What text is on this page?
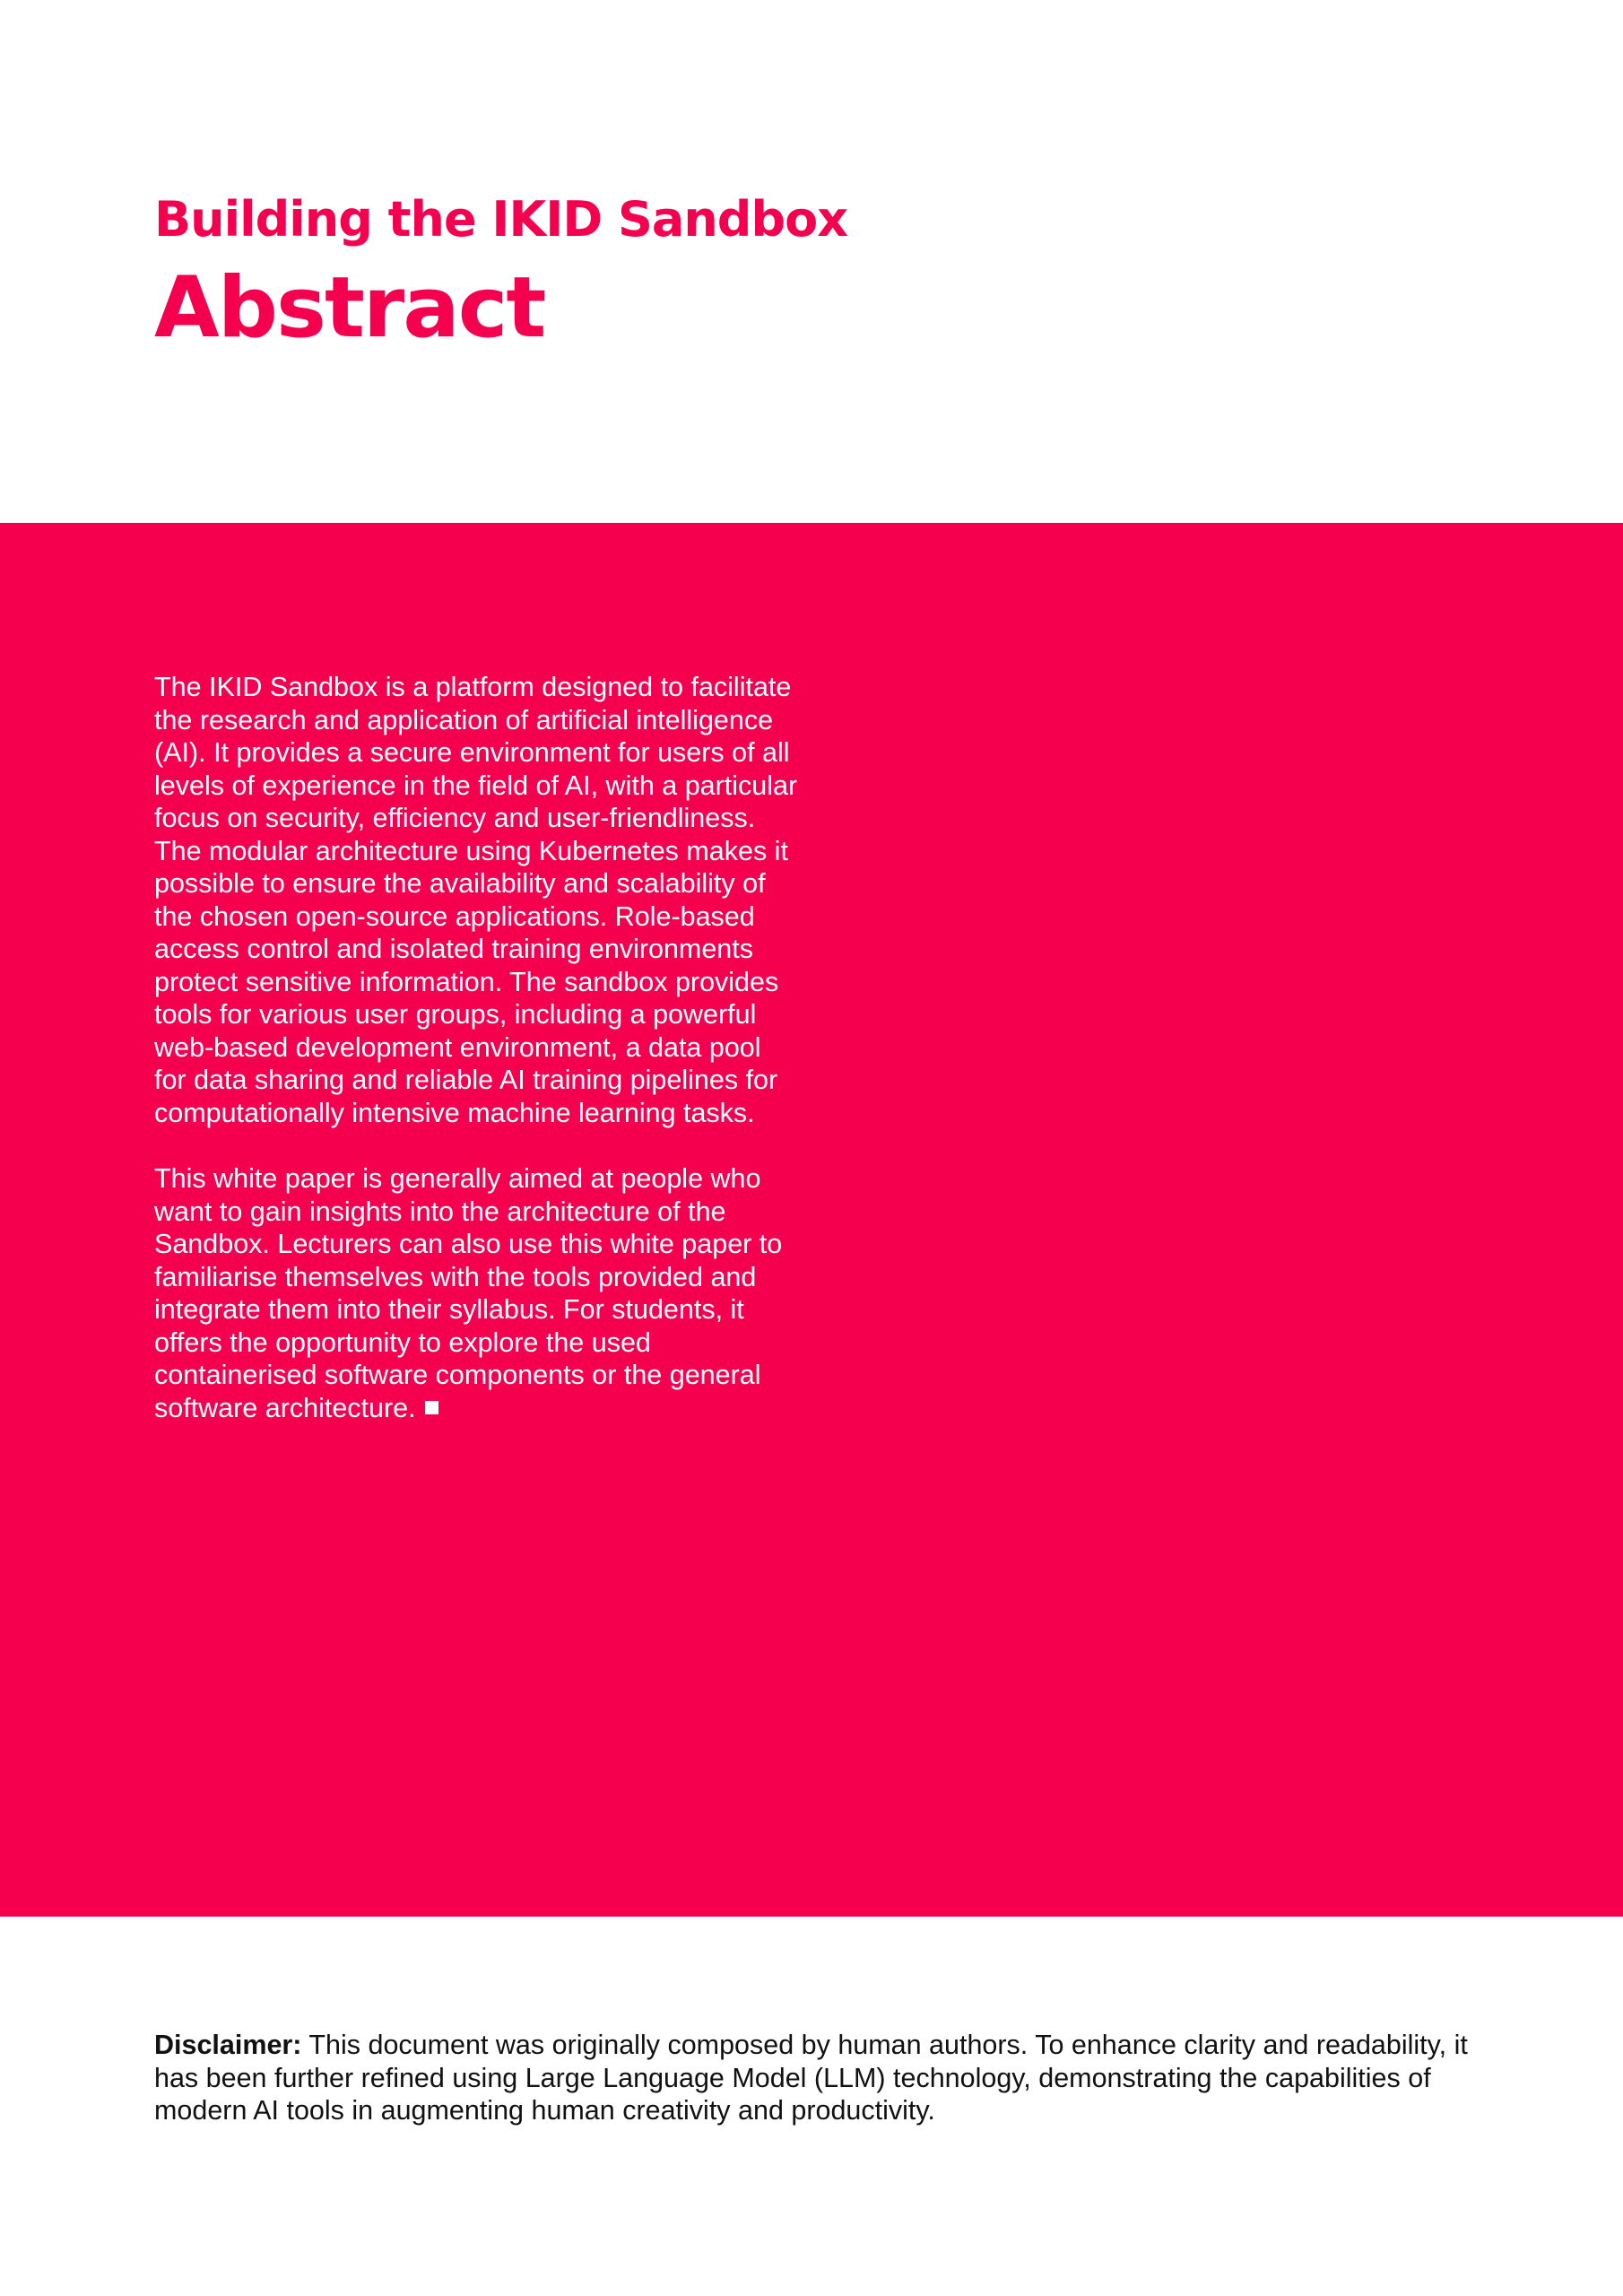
Building the IKID Sandbox
Abstract

The IKID Sandbox is a platform designed to facilitate the research and application of artificial intelligence (AI). It provides a secure environment for users of all levels of experience in the field of AI, with a particular focus on security, efficiency and user-friendliness. The modular architecture using Kubernetes makes it possible to ensure the availability and scalability of the chosen open-source applications. Role-based access control and isolated training environments protect sensitive information. The sandbox provides tools for various user groups, including a powerful web-based development environment, a data pool for data sharing and reliable AI training pipelines for computationally intensive machine learning tasks.

This white paper is generally aimed at people who want to gain insights into the architecture of the Sandbox. Lecturers can also use this white paper to familiarise themselves with the tools provided and integrate them into their syllabus. For students, it offers the opportunity to explore the used containerised software components or the general software architecture.

Disclaimer: This document was originally composed by human authors. To enhance clarity and readability, it has been further refined using Large Language Model (LLM) technology, demonstrating the capabilities of modern AI tools in augmenting human creativity and productivity.
